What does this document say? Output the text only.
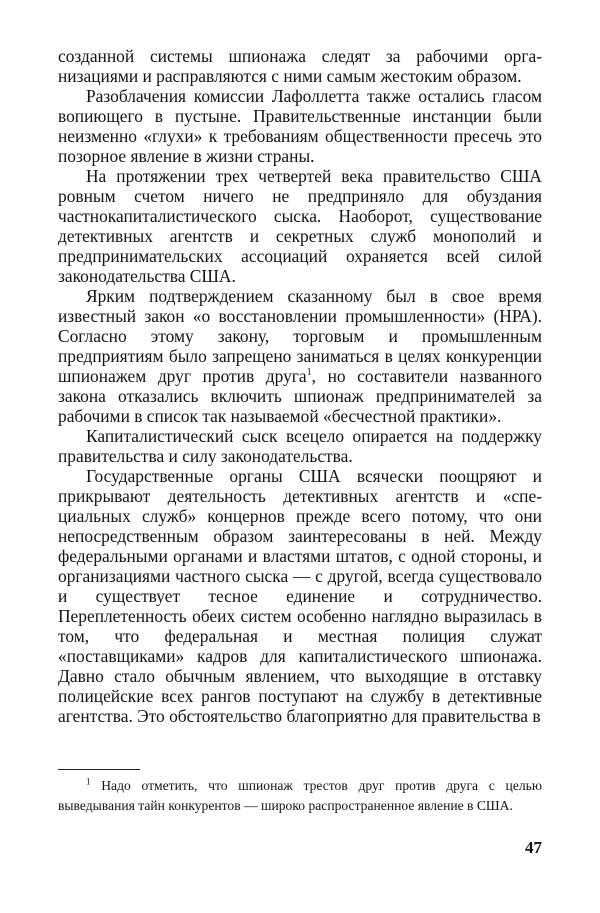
созданной системы шпионажа следят за рабочими организациями и расправляются с ними самым жестоким образом.

Разоблачения комиссии Лафоллетта также остались гласом вопиющего в пустыне. Правительственные инстанции были неизменно «глухи» к требованиям общественности пресечь это позорное явление в жизни страны.

На протяжении трех четвертей века правительство США ровным счетом ничего не предприняло для обуздания частнокапиталистического сыска. Наоборот, существование детективных агентств и секретных служб монополий и предпринимательских ассоциаций охраняется всей силой законодательства США.

Ярким подтверждением сказанному был в свое время известный закон «о восстановлении промышленности» (НРА). Согласно этому закону, торговым и промышленным предприятиям было запрещено заниматься в целях конкуренции шпионажем друг против друга$^1$, но составители названного закона отказались включить шпионаж предпринимателей за рабочими в список так называемой «бесчестной практики».

Капиталистический сыск всецело опирается на поддержку правительства и силу законодательства.

Государственные органы США всячески поощряют и прикрывают деятельность детективных агентств и «специальных служб» концернов прежде всего потому, что они непосредственным образом заинтересованы в ней. Между федеральными органами и властями штатов, с одной стороны, и организациями частного сыска — с другой, всегда существовало и существует тесное единение и сотрудничество. Переплетенность обеих систем особенно наглядно выразилась в том, что федеральная и местная полиция служат «поставщиками» кадров для капиталистического шпионажа. Давно стало обычным явлением, что выходящие в отставку полицейские всех рангов поступают на службу в детективные агентства. Это обстоятельство благоприятно для правительства в

$^1$ Надо отметить, что шпионаж трестов друг против друга с целью выведывания тайн конкурентов — широко распространенное явление в США.

47
